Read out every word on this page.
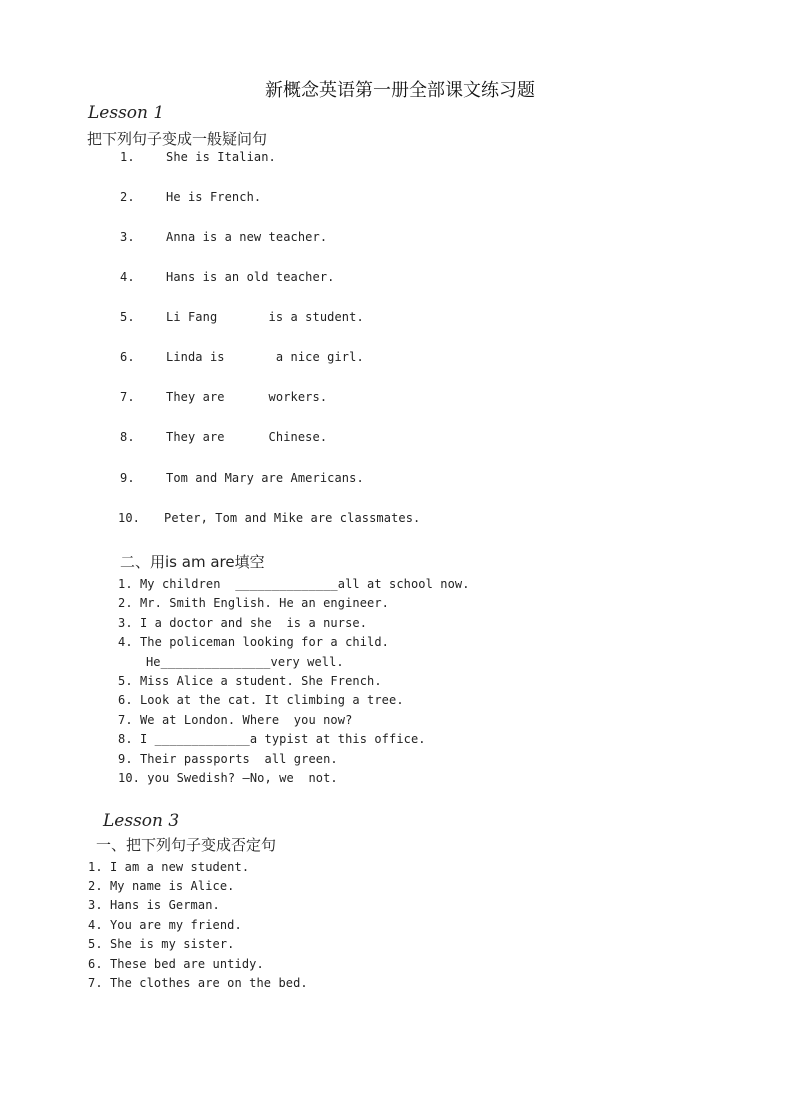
新概念英语第一册全部课文练习题
Lesson 1
把下列句子变成一般疑问句
1.	She is Italian.
2.	He is French.
3.	Anna is a new teacher.
4.	Hans is an old teacher.
5.	Li Fang       is a student.
6.	Linda is       a nice girl.
7.	They are      workers.
8.	They are      Chinese.
9.	Tom and Mary are Americans.
10. Peter, Tom and Mike are classmates.
二、用is am are填空
1. My children  ______________all at school now.
2. Mr. Smith English. He an engineer.
3. I a doctor and she  is a nurse.
4. The policeman looking for a child.
He_______________very well.
5. Miss Alice a student. She French.
6. Look at the cat. It climbing a tree.
7. We at London. Where  you now?
8. I _____________a typist at this office.
9. Their passports  all green.
10. you Swedish? —No, we  not.
Lesson 3
一、把下列句子变成否定句
1. I am a new student.
2. My name is Alice.
3. Hans is German.
4. You are my friend.
5. She is my sister.
6. These bed are untidy.
7. The clothes are on the bed.
